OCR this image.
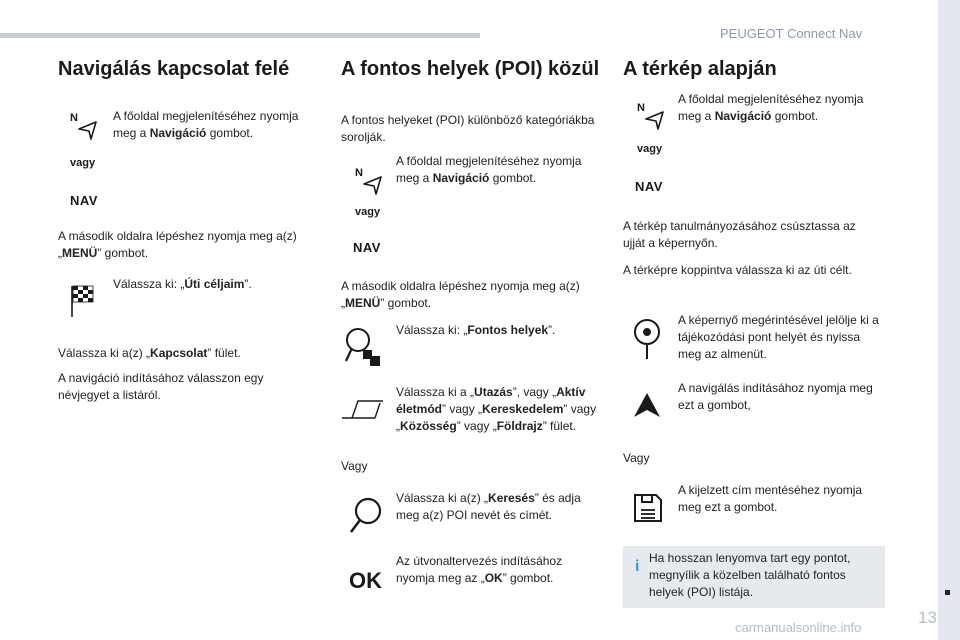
PEUGEOT Connect Nav
carmanualsonline.info
13
Navigálás kapcsolat felé
N	A főoldal megjelenítéséhez nyomja meg a Navigáció gombot.

vagy
NAV

A második oldalra lépéshez nyomja meg a(z) „MENÜ” gombot.

Válassza ki: „Úti céljaim”.

Válassza ki a(z) „Kapcsolat” fület.

A navigáció indításához válasszon egy névjegyet a listáról.

A fontos helyek (POI) közül

A fontos helyeket (POI) különböző kategóriákba sorolják.

N

A főoldal megjelenítéséhez nyomja meg a Navigáció gombot.

vagy
NAV

A második oldalra lépéshez nyomja meg a(z) „MENÜ” gombot.

Válassza ki: „Fontos helyek”.

Válassza ki a „Utazás”, vagy „Aktív életmód” vagy „Kereskedelem” vagy „Közösség” vagy „Földrajz” fület.

Vagy

Válassza ki a(z) „Keresés” és adja meg a(z) POI nevét és címét.

OK

Az útvonaltervezés indításához nyomja meg az „OK” gombot.

A térkép alapján
N

A főoldal megjelenítéséhez nyomja meg a Navigáció gombot.

vagy
NAV

A térkép tanulmányozásához csúsztassa az ujját a képernyőn.

A térképre koppintva válassza ki az úti célt.

A képernyő megérintésével jelölje ki a tájékozódási pont helyét és nyissa meg az almenüt.

A navigálás indításához nyomja meg ezt a gombot,

Vagy

A kijelzett cím mentéséhez nyomja meg ezt a gombot.

i Ha hosszan lenyomva tart egy pontot, megnyílik a közelben található fontos helyek (POI) listája.
